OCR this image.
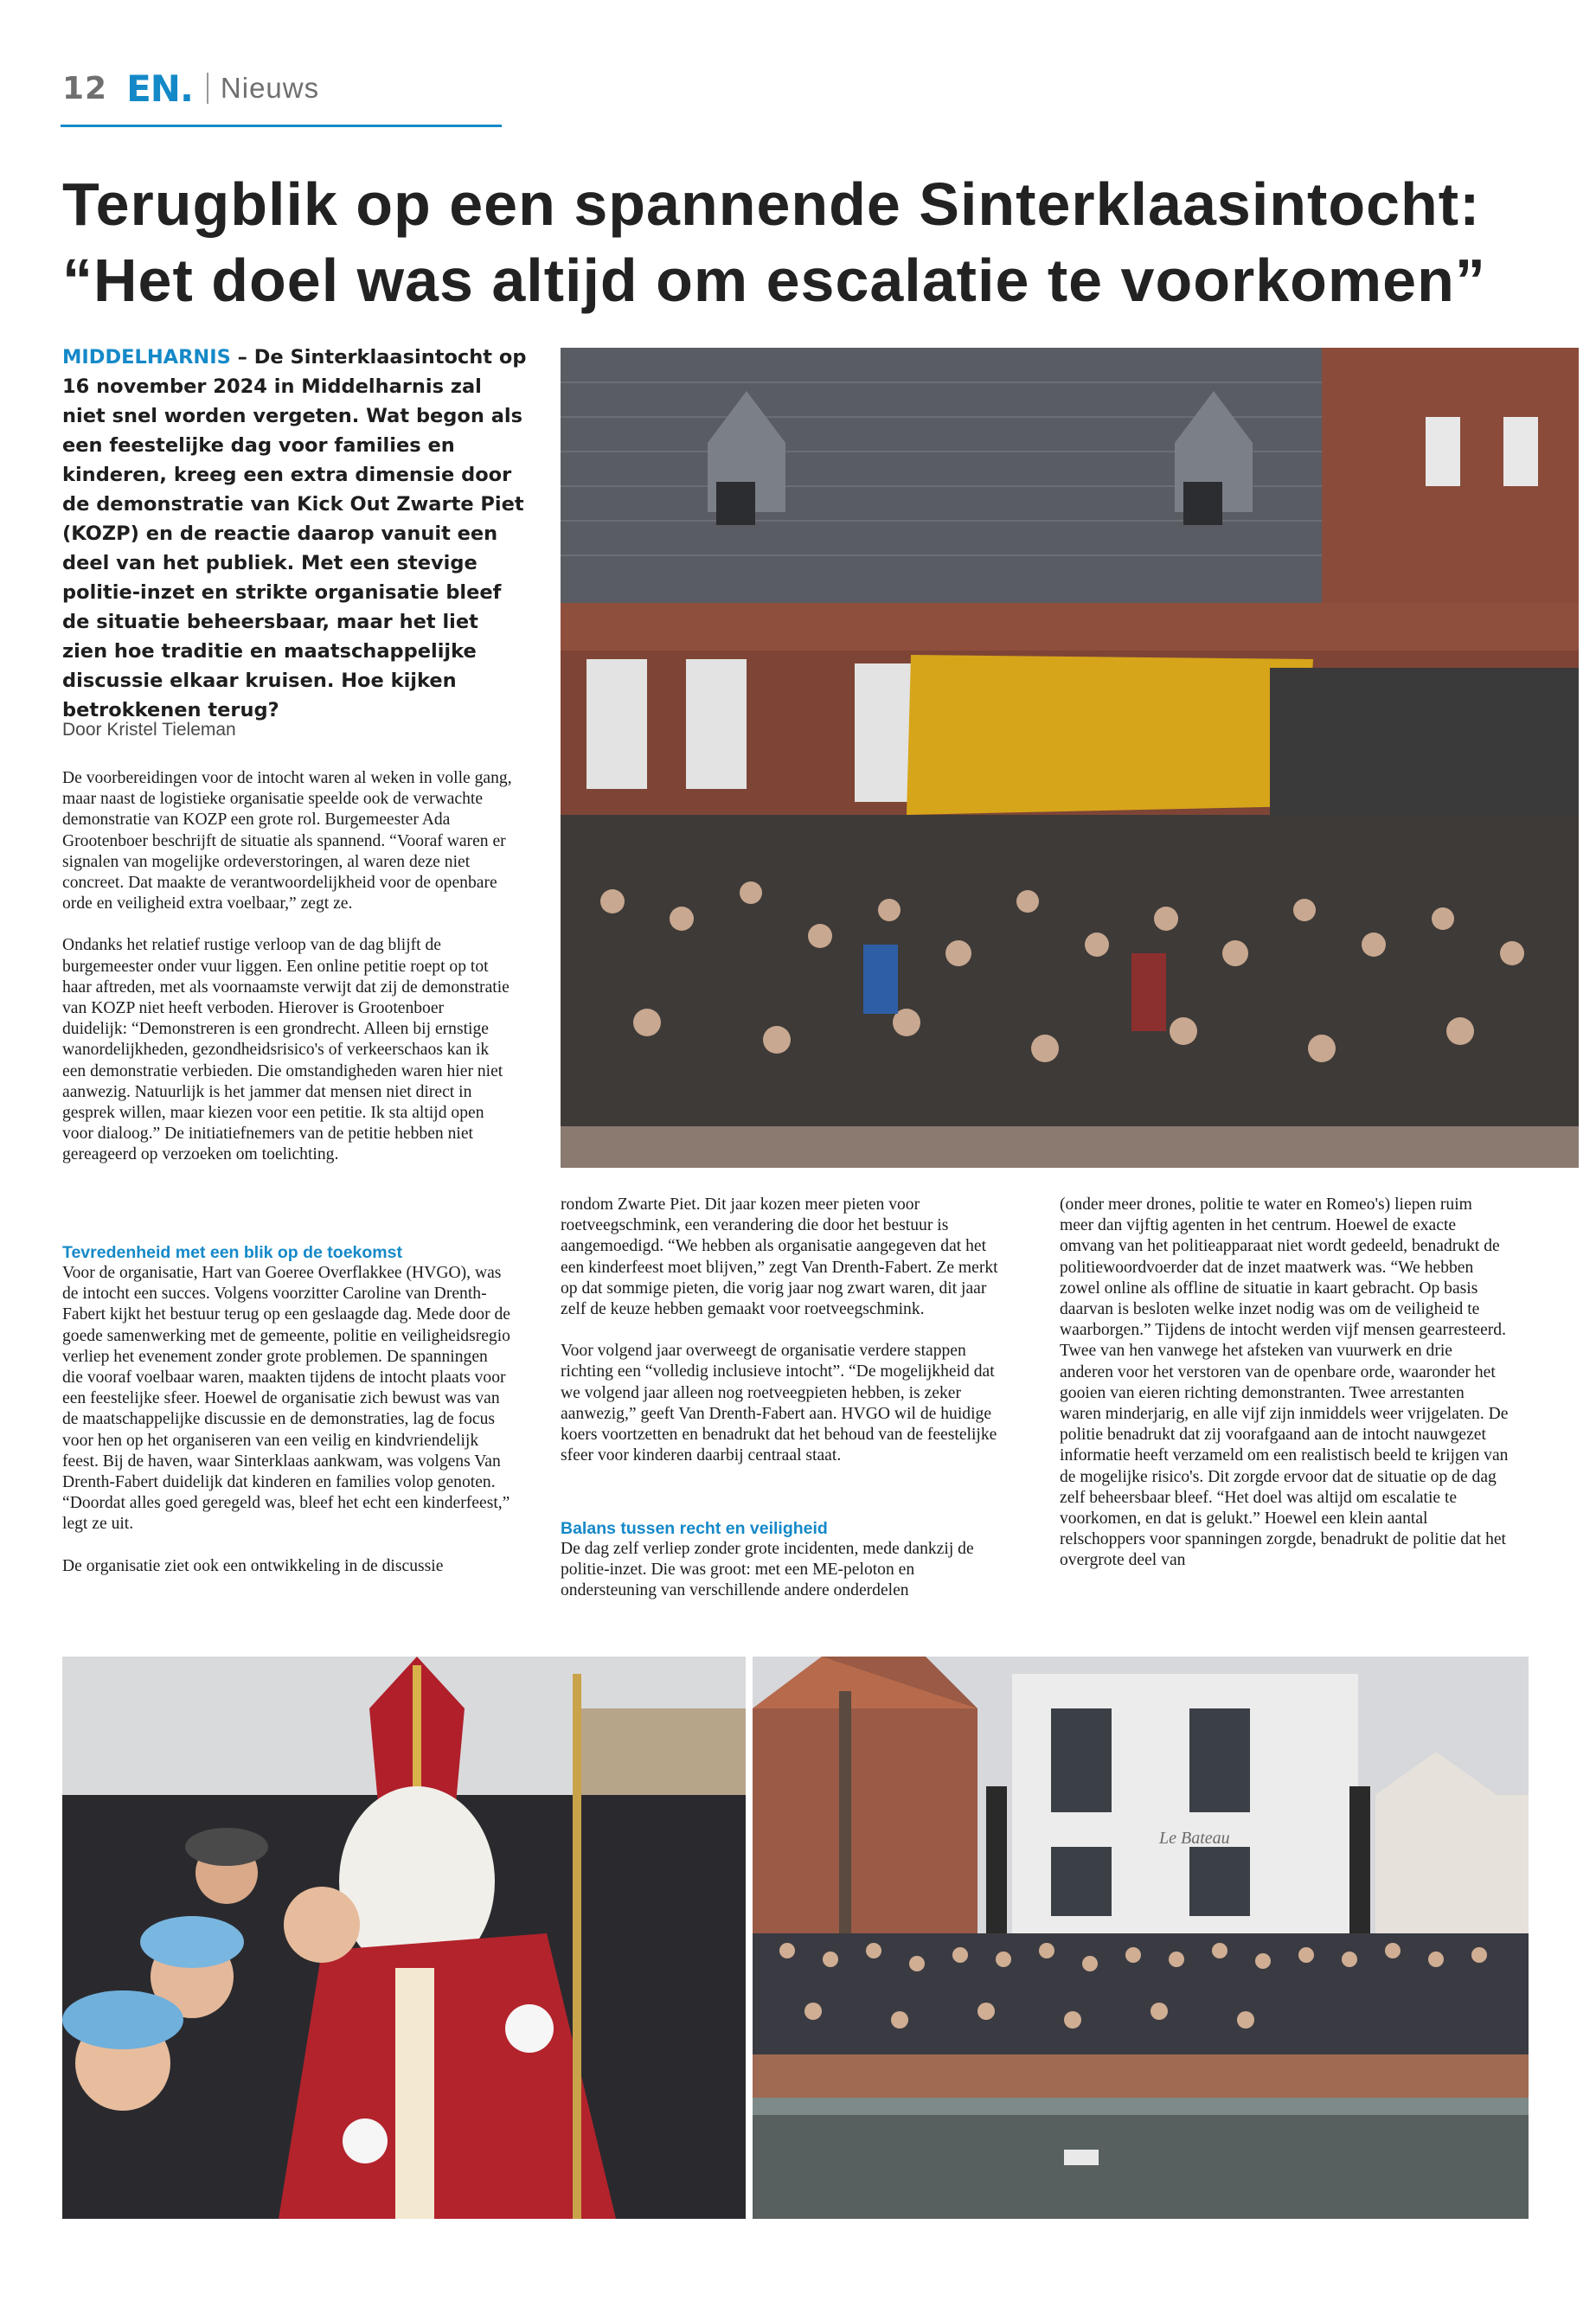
12 EN. Nieuws
Terugblik op een spannende Sinterklaasintocht:
“Het doel was altijd om escalatie te voorkomen”
MIDDELHARNIS – De Sinterklaasintocht op 16 november 2024 in Middelharnis zal niet snel worden vergeten. Wat begon als een feestelijke dag voor families en kinderen, kreeg een extra dimensie door de demonstratie van Kick Out Zwarte Piet (KOZP) en de reactie daarop vanuit een deel van het publiek. Met een stevige politie-inzet en strikte organisatie bleef de situatie beheersbaar, maar het liet zien hoe traditie en maatschappelijke discussie elkaar kruisen. Hoe kijken betrokkenen terug?
Door Kristel Tieleman

De voorbereidingen voor de intocht waren al weken in volle gang, maar naast de logistieke organisatie speelde ook de verwachte demonstratie van KOZP een grote rol. Burgemeester Ada Grootenboer beschrijft de situatie als spannend. “Vooraf waren er signalen van mogelijke ordeverstoringen, al waren deze niet concreet. Dat maakte de verantwoordelijkheid voor de openbare orde en veiligheid extra voelbaar,” zegt ze.

Ondanks het relatief rustige verloop van de dag blijft de burgemeester onder vuur liggen. Een online petitie roept op tot haar aftreden, met als voornaamste verwijt dat zij de demonstratie van KOZP niet heeft verboden. Hierover is Grootenboer duidelijk: “Demonstreren is een grondrecht. Alleen bij ernstige wanordelijkheden, gezondheidsrisico's of verkeerschaos kan ik een demonstratie verbieden. Die omstandigheden waren hier niet aanwezig. Natuurlijk is het jammer dat mensen niet direct in gesprek willen, maar kiezen voor een petitie. Ik sta altijd open voor dialoog.” De initiatiefnemers van de petitie hebben niet gereageerd op verzoeken om toelichting.

Tevredenheid met een blik op de toekomst

Voor de organisatie, Hart van Goeree Overflakkee (HVGO), was de intocht een succes. Volgens voorzitter Caroline van Drenth-Fabert kijkt het bestuur terug op een geslaagde dag. Mede door de goede samenwerking met de gemeente, politie en veiligheidsregio verliep het evenement zonder grote problemen. De spanningen die vooraf voelbaar waren, maakten tijdens de intocht plaats voor een feestelijke sfeer. Hoewel de organisatie zich bewust was van de maatschappelijke discussie en de demonstraties, lag de focus voor hen op het organiseren van een veilig en kindvriendelijk feest. Bij de haven, waar Sinterklaas aankwam, was volgens Van Drenth-Fabert duidelijk dat kinderen en families volop genoten. “Doordat alles goed geregeld was, bleef het echt een kinderfeest,” legt ze uit.

De organisatie ziet ook een ontwikkeling in de discussie

rondom Zwarte Piet. Dit jaar kozen meer pieten voor roetveegschmink, een verandering die door het bestuur is aangemoedigd. “We hebben als organisatie aangegeven dat het een kinderfeest moet blijven,” zegt Van Drenth-Fabert. Ze merkt op dat sommige pieten, die vorig jaar nog zwart waren, dit jaar zelf de keuze hebben gemaakt voor roetveegschmink.

Voor volgend jaar overweegt de organisatie verdere stappen richting een “volledig inclusieve intocht”. “De mogelijkheid dat we volgend jaar alleen nog roetveegpieten hebben, is zeker aanwezig,” geeft Van Drenth-Fabert aan. HVGO wil de huidige koers voortzetten en benadrukt dat het behoud van de feestelijke sfeer voor kinderen daarbij centraal staat.

Balans tussen recht en veiligheid

De dag zelf verliep zonder grote incidenten, mede dankzij de politie-inzet. Die was groot: met een ME-peloton en ondersteuning van verschillende andere onderdelen

(onder meer drones, politie te water en Romeo's) liepen ruim meer dan vijftig agenten in het centrum. Hoewel de exacte omvang van het politieapparaat niet wordt gedeeld, benadrukt de politiewoordvoerder dat de inzet maatwerk was. “We hebben zowel online als offline de situatie in kaart gebracht. Op basis daarvan is besloten welke inzet nodig was om de veiligheid te waarborgen.” Tijdens de intocht werden vijf mensen gearresteerd. Twee van hen vanwege het afsteken van vuurwerk en drie anderen voor het verstoren van de openbare orde, waaronder het gooien van eieren richting demonstranten. Twee arrestanten waren minderjarig, en alle vijf zijn inmiddels weer vrijgelaten. De politie benadrukt dat zij voorafgaand aan de intocht nauwgezet informatie heeft verzameld om een realistisch beeld te krijgen van de mogelijke risico's. Dit zorgde ervoor dat de situatie op de dag zelf beheersbaar bleef. “Het doel was altijd om escalatie te voorkomen, en dat is gelukt.” Hoewel een klein aantal relschoppers voor spanningen zorgde, benadrukt de politie dat het overgrote deel van

Le Bateau
